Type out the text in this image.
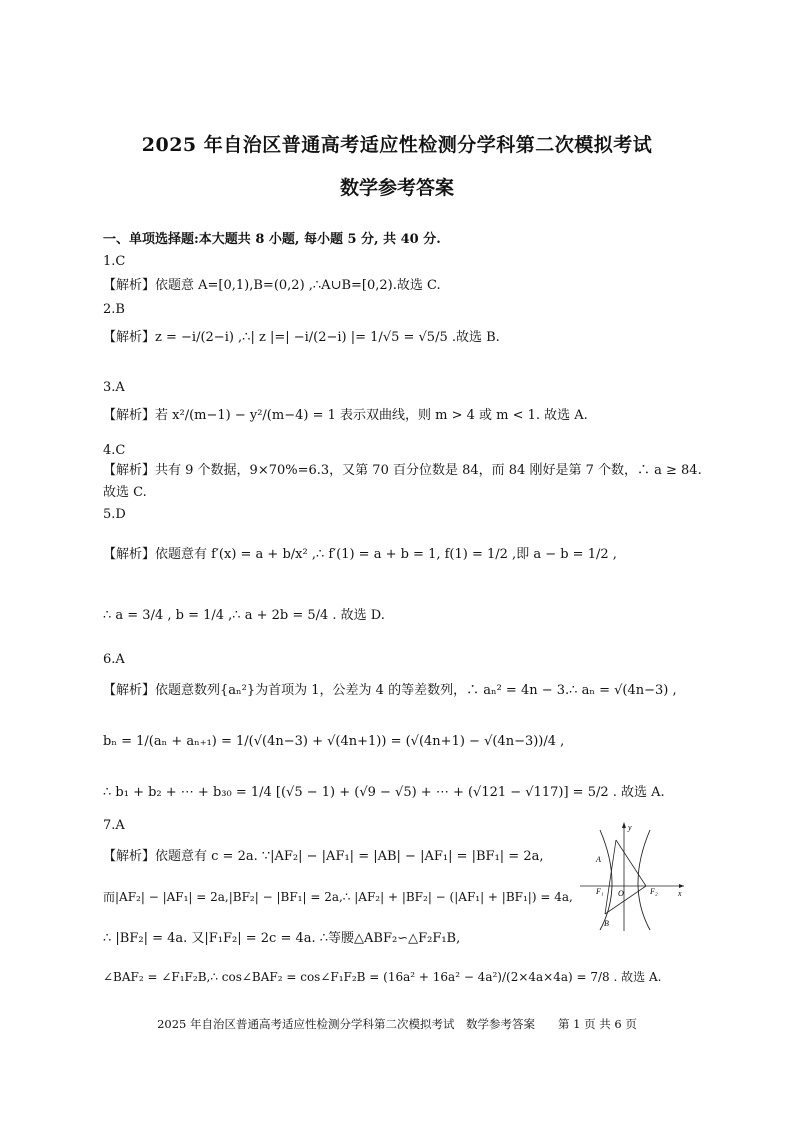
2025 年自治区普通高考适应性检测分学科第二次模拟考试
数学参考答案
一、单项选择题:本大题共 8 小题, 每小题 5 分, 共 40 分.
1.C
【解析】依题意 A=[0,1),B=(0,2) ,∴A∪B=[0,2).故选 C.
2.B
【解析】z = −i/(2−i) ,∴| z |=| −i/(2−i) |= 1/√5 = √5/5 .故选 B.
3.A
【解析】若 x²/(m−1) − y²/(m−4) = 1 表示双曲线，则 m > 4 或 m < 1. 故选 A.
4.C
【解析】共有 9 个数据，9×70%=6.3，又第 70 百分位数是 84，而 84 刚好是第 7 个数，∴ a ≥ 84.
故选 C.
5.D
【解析】依题意有 f′(x) = a + b/x² ,∴ f′(1) = a + b = 1, f(1) = 1/2 ,即 a − b = 1/2 ,
∴ a = 3/4 , b = 1/4 ,∴ a + 2b = 5/4 . 故选 D.
6.A
【解析】依题意数列{aₙ²}为首项为 1，公差为 4 的等差数列，∴ aₙ² = 4n − 3.∴ aₙ = √(4n−3) ,
bₙ = 1/(aₙ + aₙ₊₁) = 1/(√(4n−3) + √(4n+1)) = (√(4n+1) − √(4n−3))/4 ,
∴ b₁ + b₂ + ⋯ + b₃₀ = 1/4 [(√5 − 1) + (√9 − √5) + ⋯ + (√121 − √117)] = 5/2 . 故选 A.
7.A
【解析】依题意有 c = 2a. ∵|AF₂| − |AF₁| = |AB| − |AF₁| = |BF₁| = 2a,
而|AF₂| − |AF₁| = 2a,|BF₂| − |BF₁| = 2a,∴ |AF₂| + |BF₂| − (|AF₁| + |BF₁|) = 4a,
∴ |BF₂| = 4a. 又|F₁F₂| = 2c = 4a. ∴等腰△ABF₂∽△F₂F₁B,
∠BAF₂ = ∠F₁F₂B,∴ cos∠BAF₂ = cos∠F₁F₂B = (16a² + 16a² − 4a²)/(2×4a×4a) = 7/8 . 故选 A.
y
x
A
B
O
F₁	F₂
2025 年自治区普通高考适应性检测分学科第二次模拟考试　数学参考答案　　第 1 页 共 6 页
